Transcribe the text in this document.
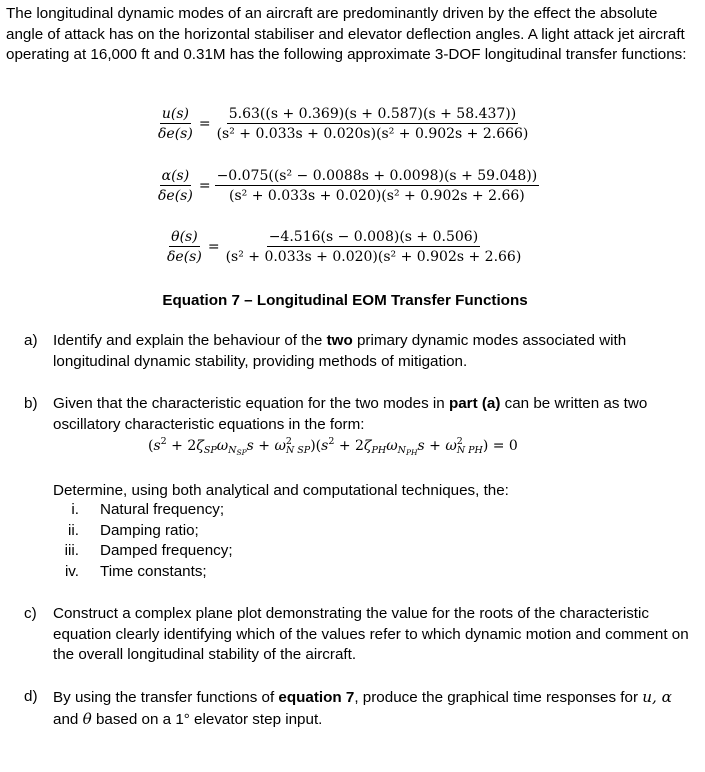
The longitudinal dynamic modes of an aircraft are predominantly driven by the effect the absolute angle of attack has on the horizontal stabiliser and elevator deflection angles. A light attack jet aircraft operating at 16,000 ft and 0.31M has the following approximate 3-DOF longitudinal transfer functions:
$\frac{u(s)}{\delta e(s)} = \frac{5.63((s + 0.369)(s + 0.587)(s + 58.437))}{\text{(s² + 0.033s + 0.020s)(s² + 0.902s + 2.666)}}$
$\frac{\alpha(s)}{\delta e(s)} = \frac{\text{−0.075((s² − 0.0088s + 0.0098)(s + 59.048))}}{\text{(s² + 0.033s + 0.020)(s² + 0.902s + 2.66)}}$
$\frac{\theta(s)}{\delta e(s)} = \frac{-4.516(s - 0.008)(s + 0.506)}{\text{(s² + 0.033s + 0.020)(s² + 0.902s + 2.66)}}$
Equation 7 – Longitudinal EOM Transfer Functions
a)	Identify and explain the behaviour of the two primary dynamic modes associated with longitudinal dynamic stability, providing methods of mitigation.
b)	Given that the characteristic equation for the two modes in part (a) can be written as two oscillatory characteristic equations in the form:
$(s^2 + 2\zeta_{SP}\omega_{N_{SP}}s + \omega^2_{N SP})(s^2 + 2\zeta_{PH}\omega_{N_{PH}}s + \omega^2_{N PH}) = 0$
Determine, using both analytical and computational techniques, the:
i.	Natural frequency;
ii.	Damping ratio;
iii.	Damped frequency;
iv.	Time constants;
c)	Construct a complex plane plot demonstrating the value for the roots of the characteristic equation clearly identifying which of the values refer to which dynamic motion and comment on the overall longitudinal stability of the aircraft.
d)	By using the transfer functions of equation 7, produce the graphical time responses for u, α and θ based on a 1° elevator step input.
